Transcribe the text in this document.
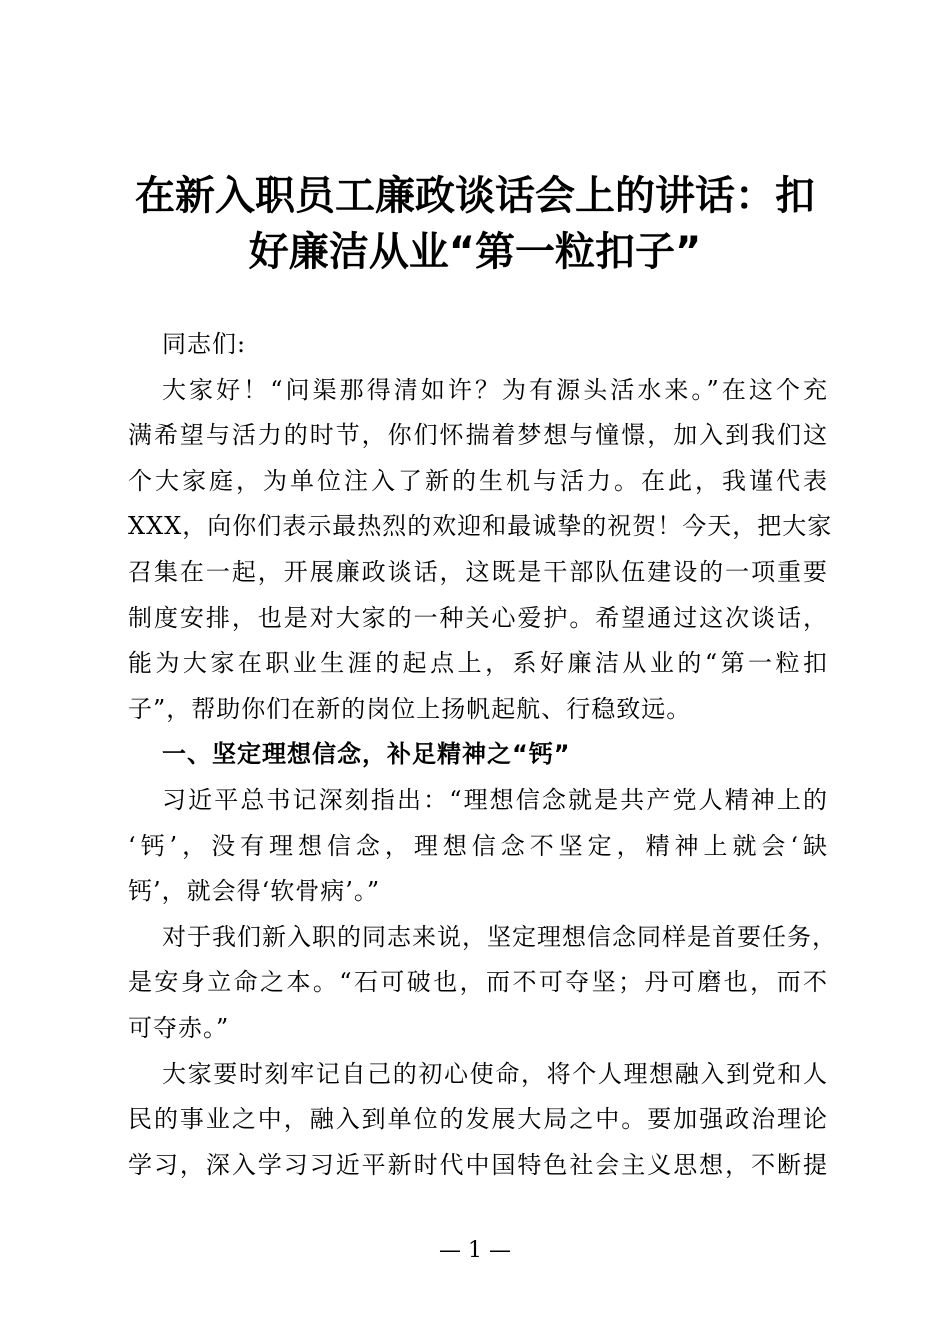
在新入职员工廉政谈话会上的讲话：扣
好廉洁从业“第一粒扣子”
同志们:
大家好！“问渠那得清如许？为有源头活水来。”在这个充
满希望与活力的时节，你们怀揣着梦想与憧憬，加入到我们这
个大家庭，为单位注入了新的生机与活力。在此，我谨代表
XXX，向你们表示最热烈的欢迎和最诚挚的祝贺！今天，把大家
召集在一起，开展廉政谈话，这既是干部队伍建设的一项重要
制度安排，也是对大家的一种关心爱护。希望通过这次谈话，
能为大家在职业生涯的起点上，系好廉洁从业的“第一粒扣
子”，帮助你们在新的岗位上扬帆起航、行稳致远。
一、坚定理想信念，补足精神之“钙”
习近平总书记深刻指出：“理想信念就是共产党人精神上的
‘钙’，没有理想信念，理想信念不坚定，精神上就会‘缺
钙’，就会得‘软骨病’。”
对于我们新入职的同志来说，坚定理想信念同样是首要任务，
是安身立命之本。“石可破也，而不可夺坚；丹可磨也，而不
可夺赤。”
大家要时刻牢记自己的初心使命，将个人理想融入到党和人
民的事业之中，融入到单位的发展大局之中。要加强政治理论
学习，深入学习习近平新时代中国特色社会主义思想，不断提
— 1 —
